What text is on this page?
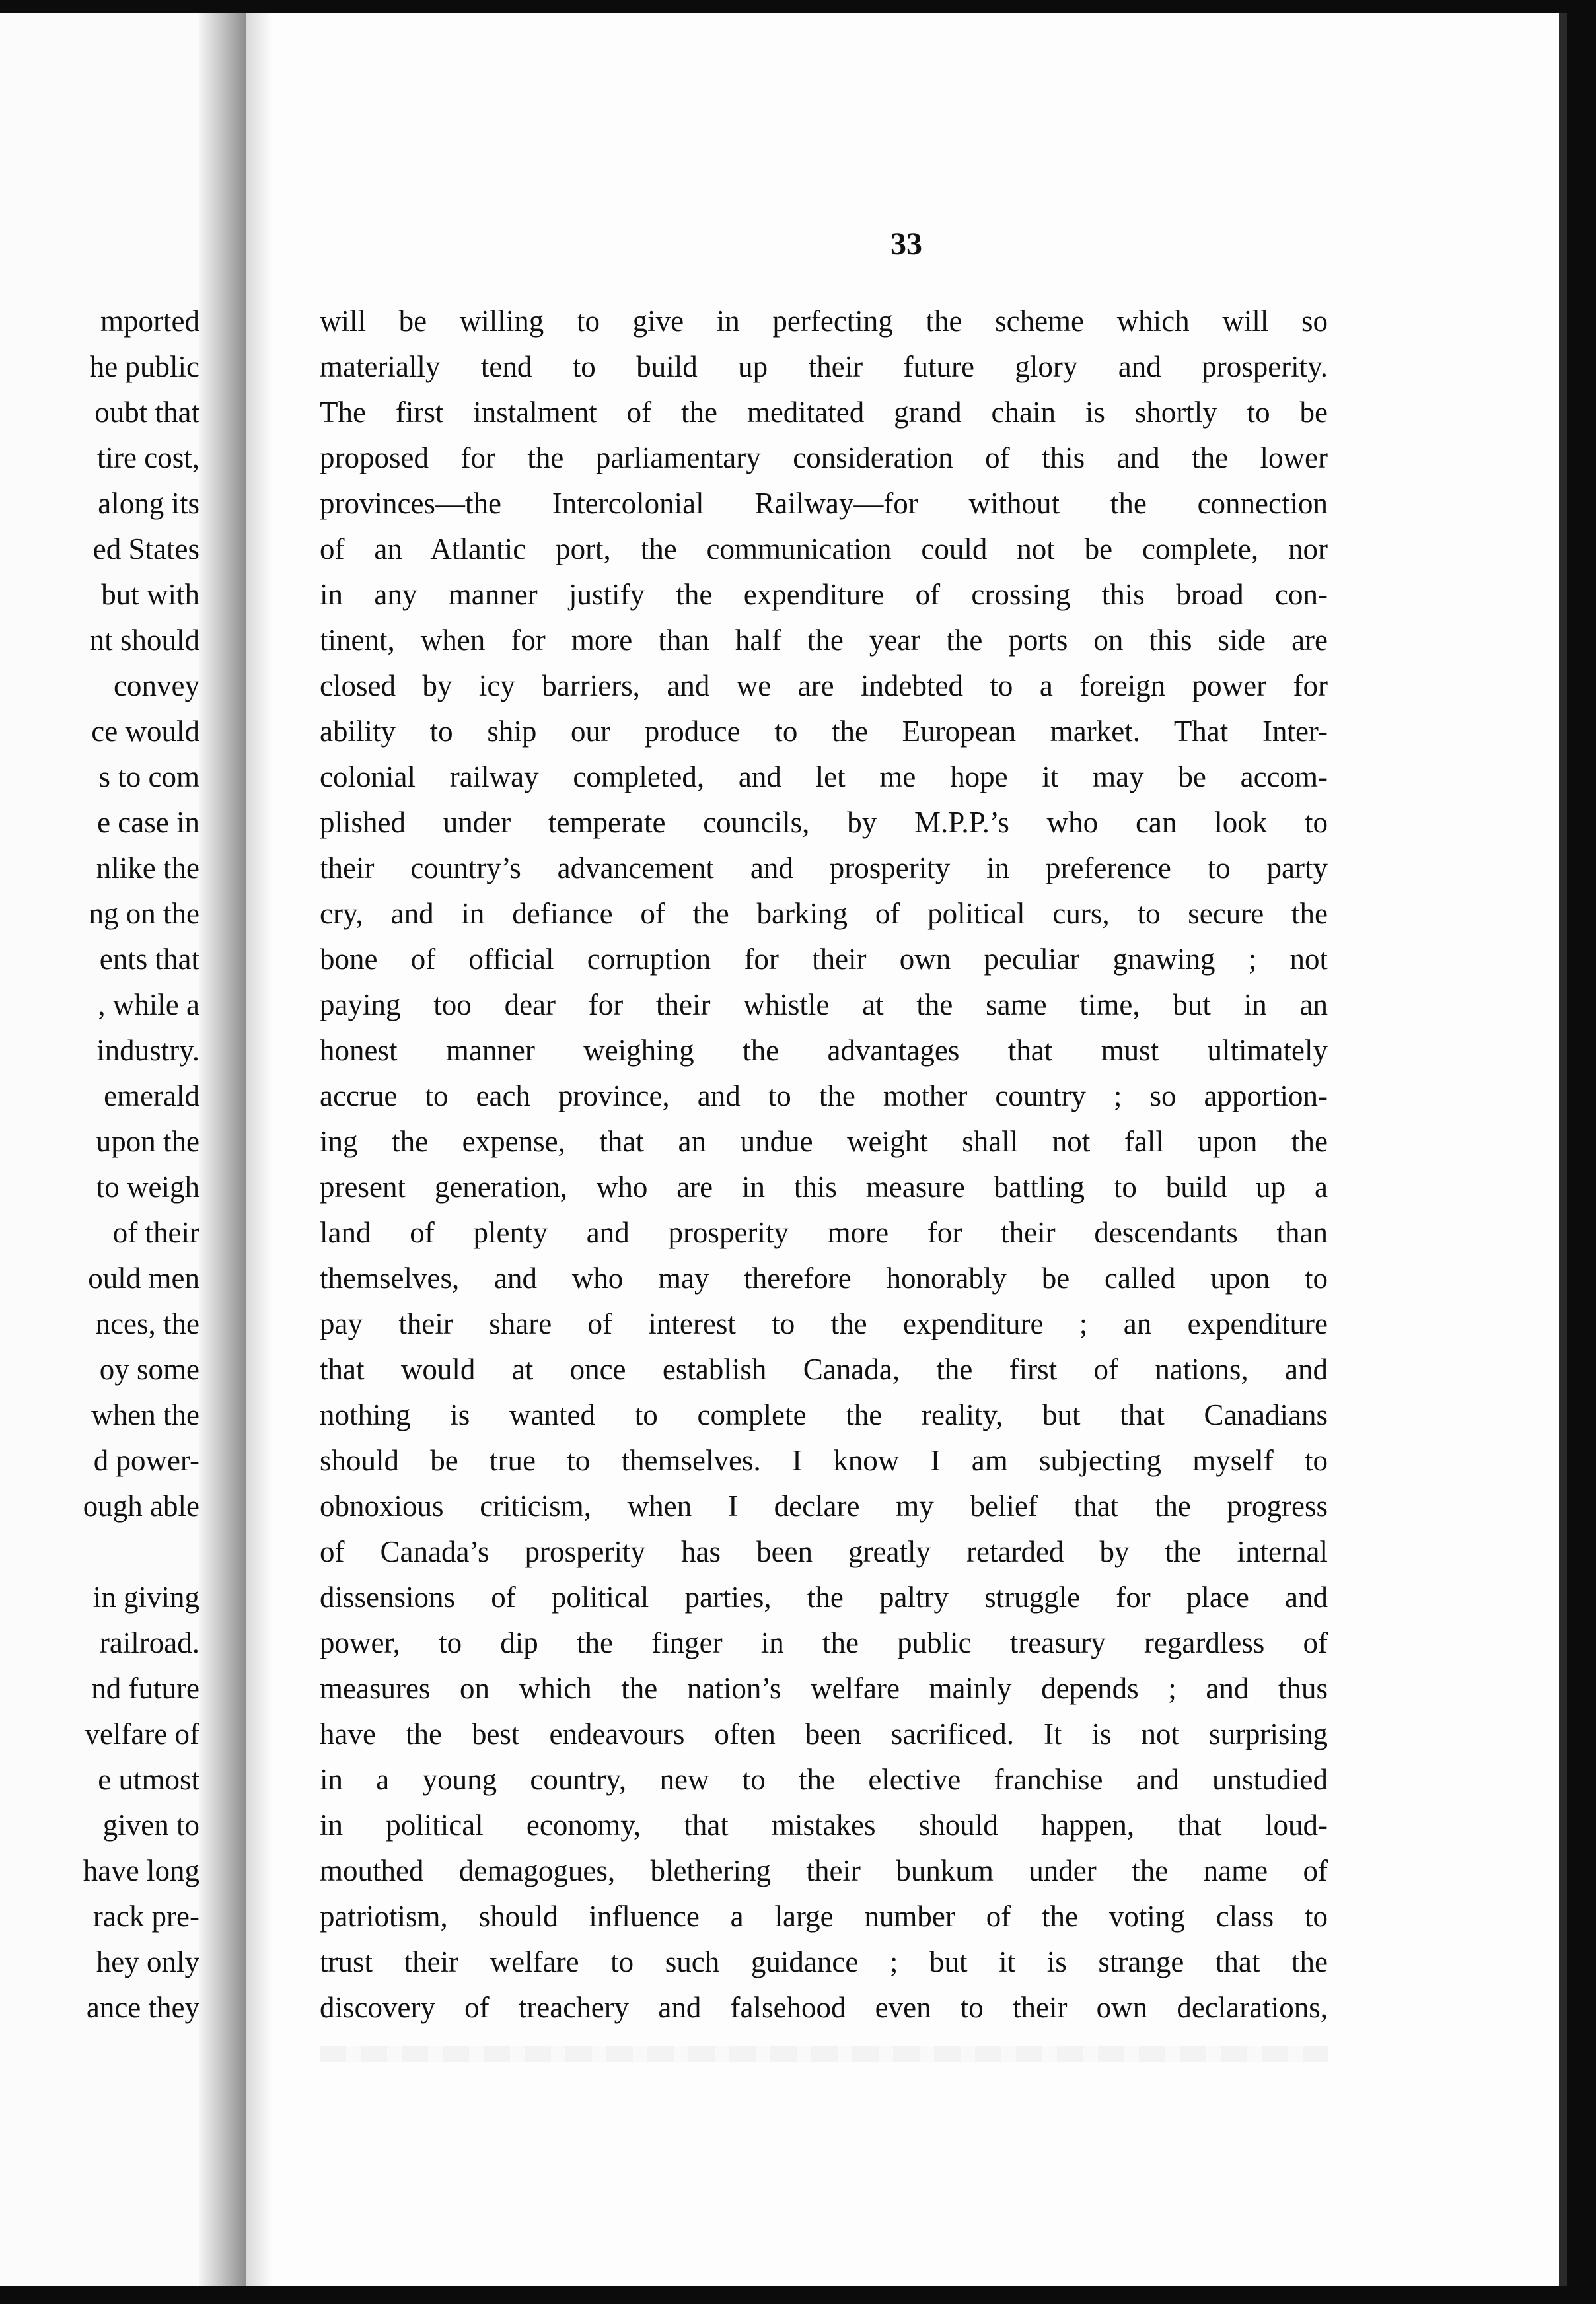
mported
he public
oubt that
tire cost,
along its
ed States
but with
nt should
convey
ce would
s to com
e case in
nlike the
ng on the
ents that
, while a
industry.
emerald
upon the
to weigh
of their
ould men
nces, the
oy some
when the
d power-
ough able
in giving
railroad.
nd future
velfare of
e utmost
given to
have long
rack pre-
hey only
ance they
33
will be willing to give in perfecting the scheme which will so
materially tend to build up their future glory and prosperity.
The first instalment of the meditated grand chain is shortly to be
proposed for the parliamentary consideration of this and the lower
provinces—the Intercolonial Railway—for without the connection
of an Atlantic port, the communication could not be complete, nor
in any manner justify the expenditure of crossing this broad con-
tinent, when for more than half the year the ports on this side are
closed by icy barriers, and we are indebted to a foreign power for
ability to ship our produce to the European market. That Inter-
colonial railway completed, and let me hope it may be accom-
plished under temperate councils, by M.P.P.’s who can look to
their country’s advancement and prosperity in preference to party
cry, and in defiance of the barking of political curs, to secure the
bone of official corruption for their own peculiar gnawing ; not
paying too dear for their whistle at the same time, but in an
honest manner weighing the advantages that must ultimately
accrue to each province, and to the mother country ; so apportion-
ing the expense, that an undue weight shall not fall upon the
present generation, who are in this measure battling to build up a
land of plenty and prosperity more for their descendants than
themselves, and who may therefore honorably be called upon to
pay their share of interest to the expenditure ; an expenditure
that would at once establish Canada, the first of nations, and
nothing is wanted to complete the reality, but that Canadians
should be true to themselves. I know I am subjecting myself to
obnoxious criticism, when I declare my belief that the progress
of Canada’s prosperity has been greatly retarded by the internal
dissensions of political parties, the paltry struggle for place and
power, to dip the finger in the public treasury regardless of
measures on which the nation’s welfare mainly depends ; and thus
have the best endeavours often been sacrificed. It is not surprising
in a young country, new to the elective franchise and unstudied
in political economy, that mistakes should happen, that loud-
mouthed demagogues, blethering their bunkum under the name of
patriotism, should influence a large number of the voting class to
trust their welfare to such guidance ; but it is strange that the
discovery of treachery and falsehood even to their own declarations,
